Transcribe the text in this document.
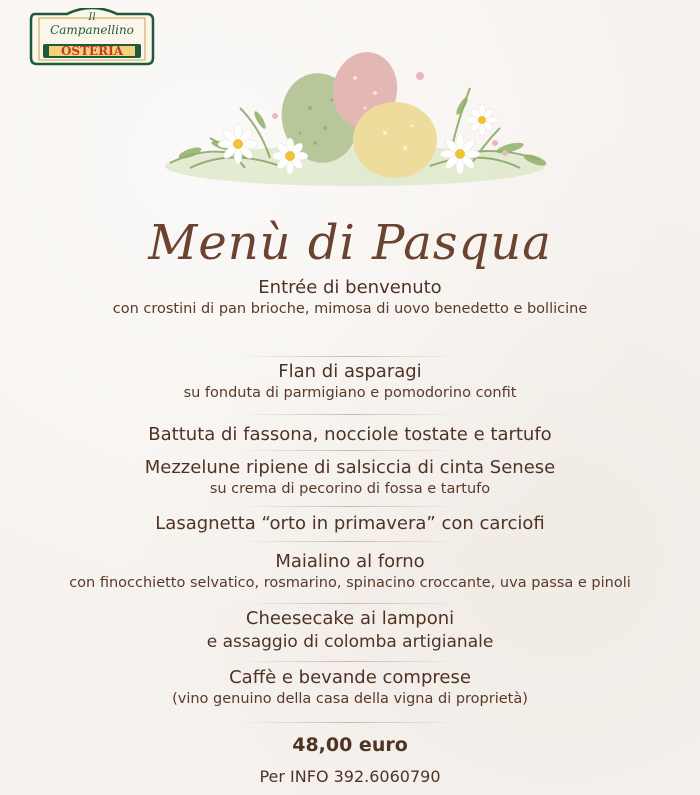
Il
Campanellino
OSTERIA
Menù di Pasqua
Entrée di benvenuto
con crostini di pan brioche, mimosa di uovo benedetto e bollicine
Flan di asparagi
su fonduta di parmigiano e pomodorino confit
Battuta di fassona, nocciole tostate e tartufo
Mezzelune ripiene di salsiccia di cinta Senese
su crema di pecorino di fossa e tartufo
Lasagnetta “orto in primavera” con carciofi
Maialino al forno
con finocchietto selvatico, rosmarino, spinacino croccante, uva passa e pinoli
Cheesecake ai lamponi
e assaggio di colomba artigianale
Caffè e bevande comprese
(vino genuino della casa della vigna di proprietà)
48,00 euro
Per INFO 392.6060790
